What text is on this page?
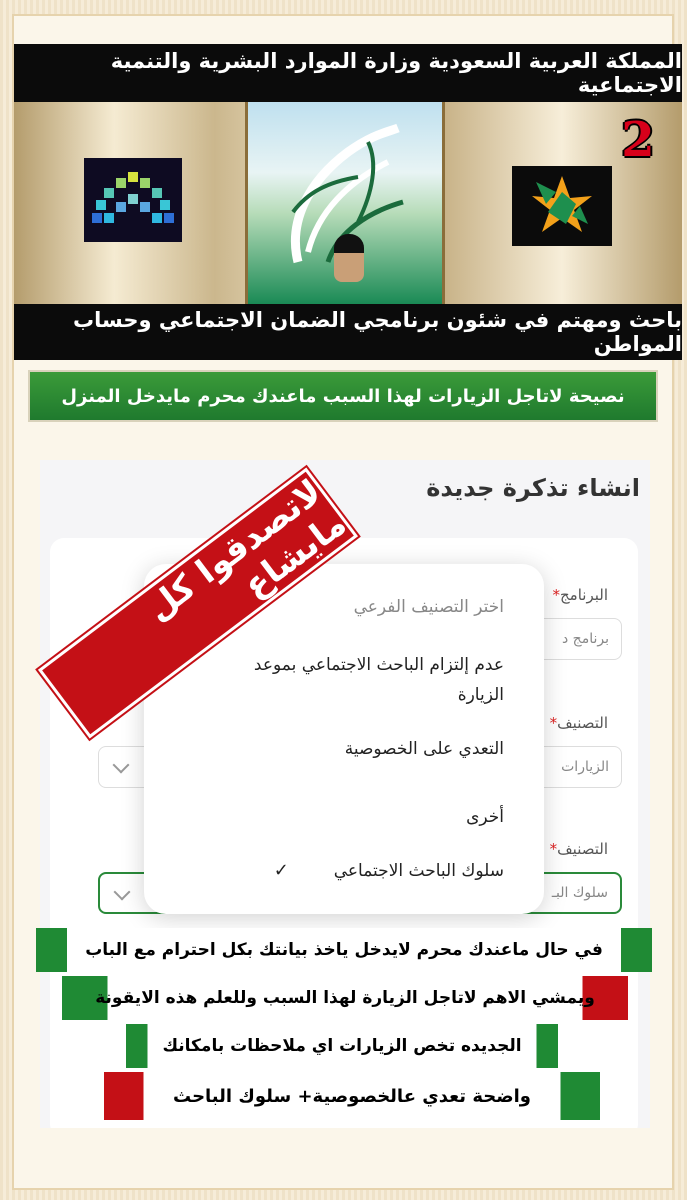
المملكة العربية السعودية وزارة الموارد البشرية والتنمية الاجتماعية
2
باحث ومهتم في شئون برنامجي الضمان الاجتماعي وحساب المواطن
نصيحة لاتاجل الزيارات لهذا السبب ماعندك محرم مايدخل المنزل
انشاء تذكرة جديدة
البرنامج*
برنامج د
التصنيف*
الزيارات
التصنيف*
سلوك البـ
اختر التصنيف الفرعي
عدم إلتزام الباحث الاجتماعي بموعد الزيارة
التعدي على الخصوصية
أخرى
سلوك الباحث الاجتماعي
✓
لاتصدقوا كل مايشاع
في حال ماعندك محرم لايدخل ياخذ بيانتك بكل احترام مع الباب
ويمشي الاهم لاتاجل الزيارة لهذا السبب وللعلم هذه الايقونة
الجديده تخص الزيارات اي ملاحظات بامكانك
واضحة تعدي عالخصوصية+ سلوك الباحث
